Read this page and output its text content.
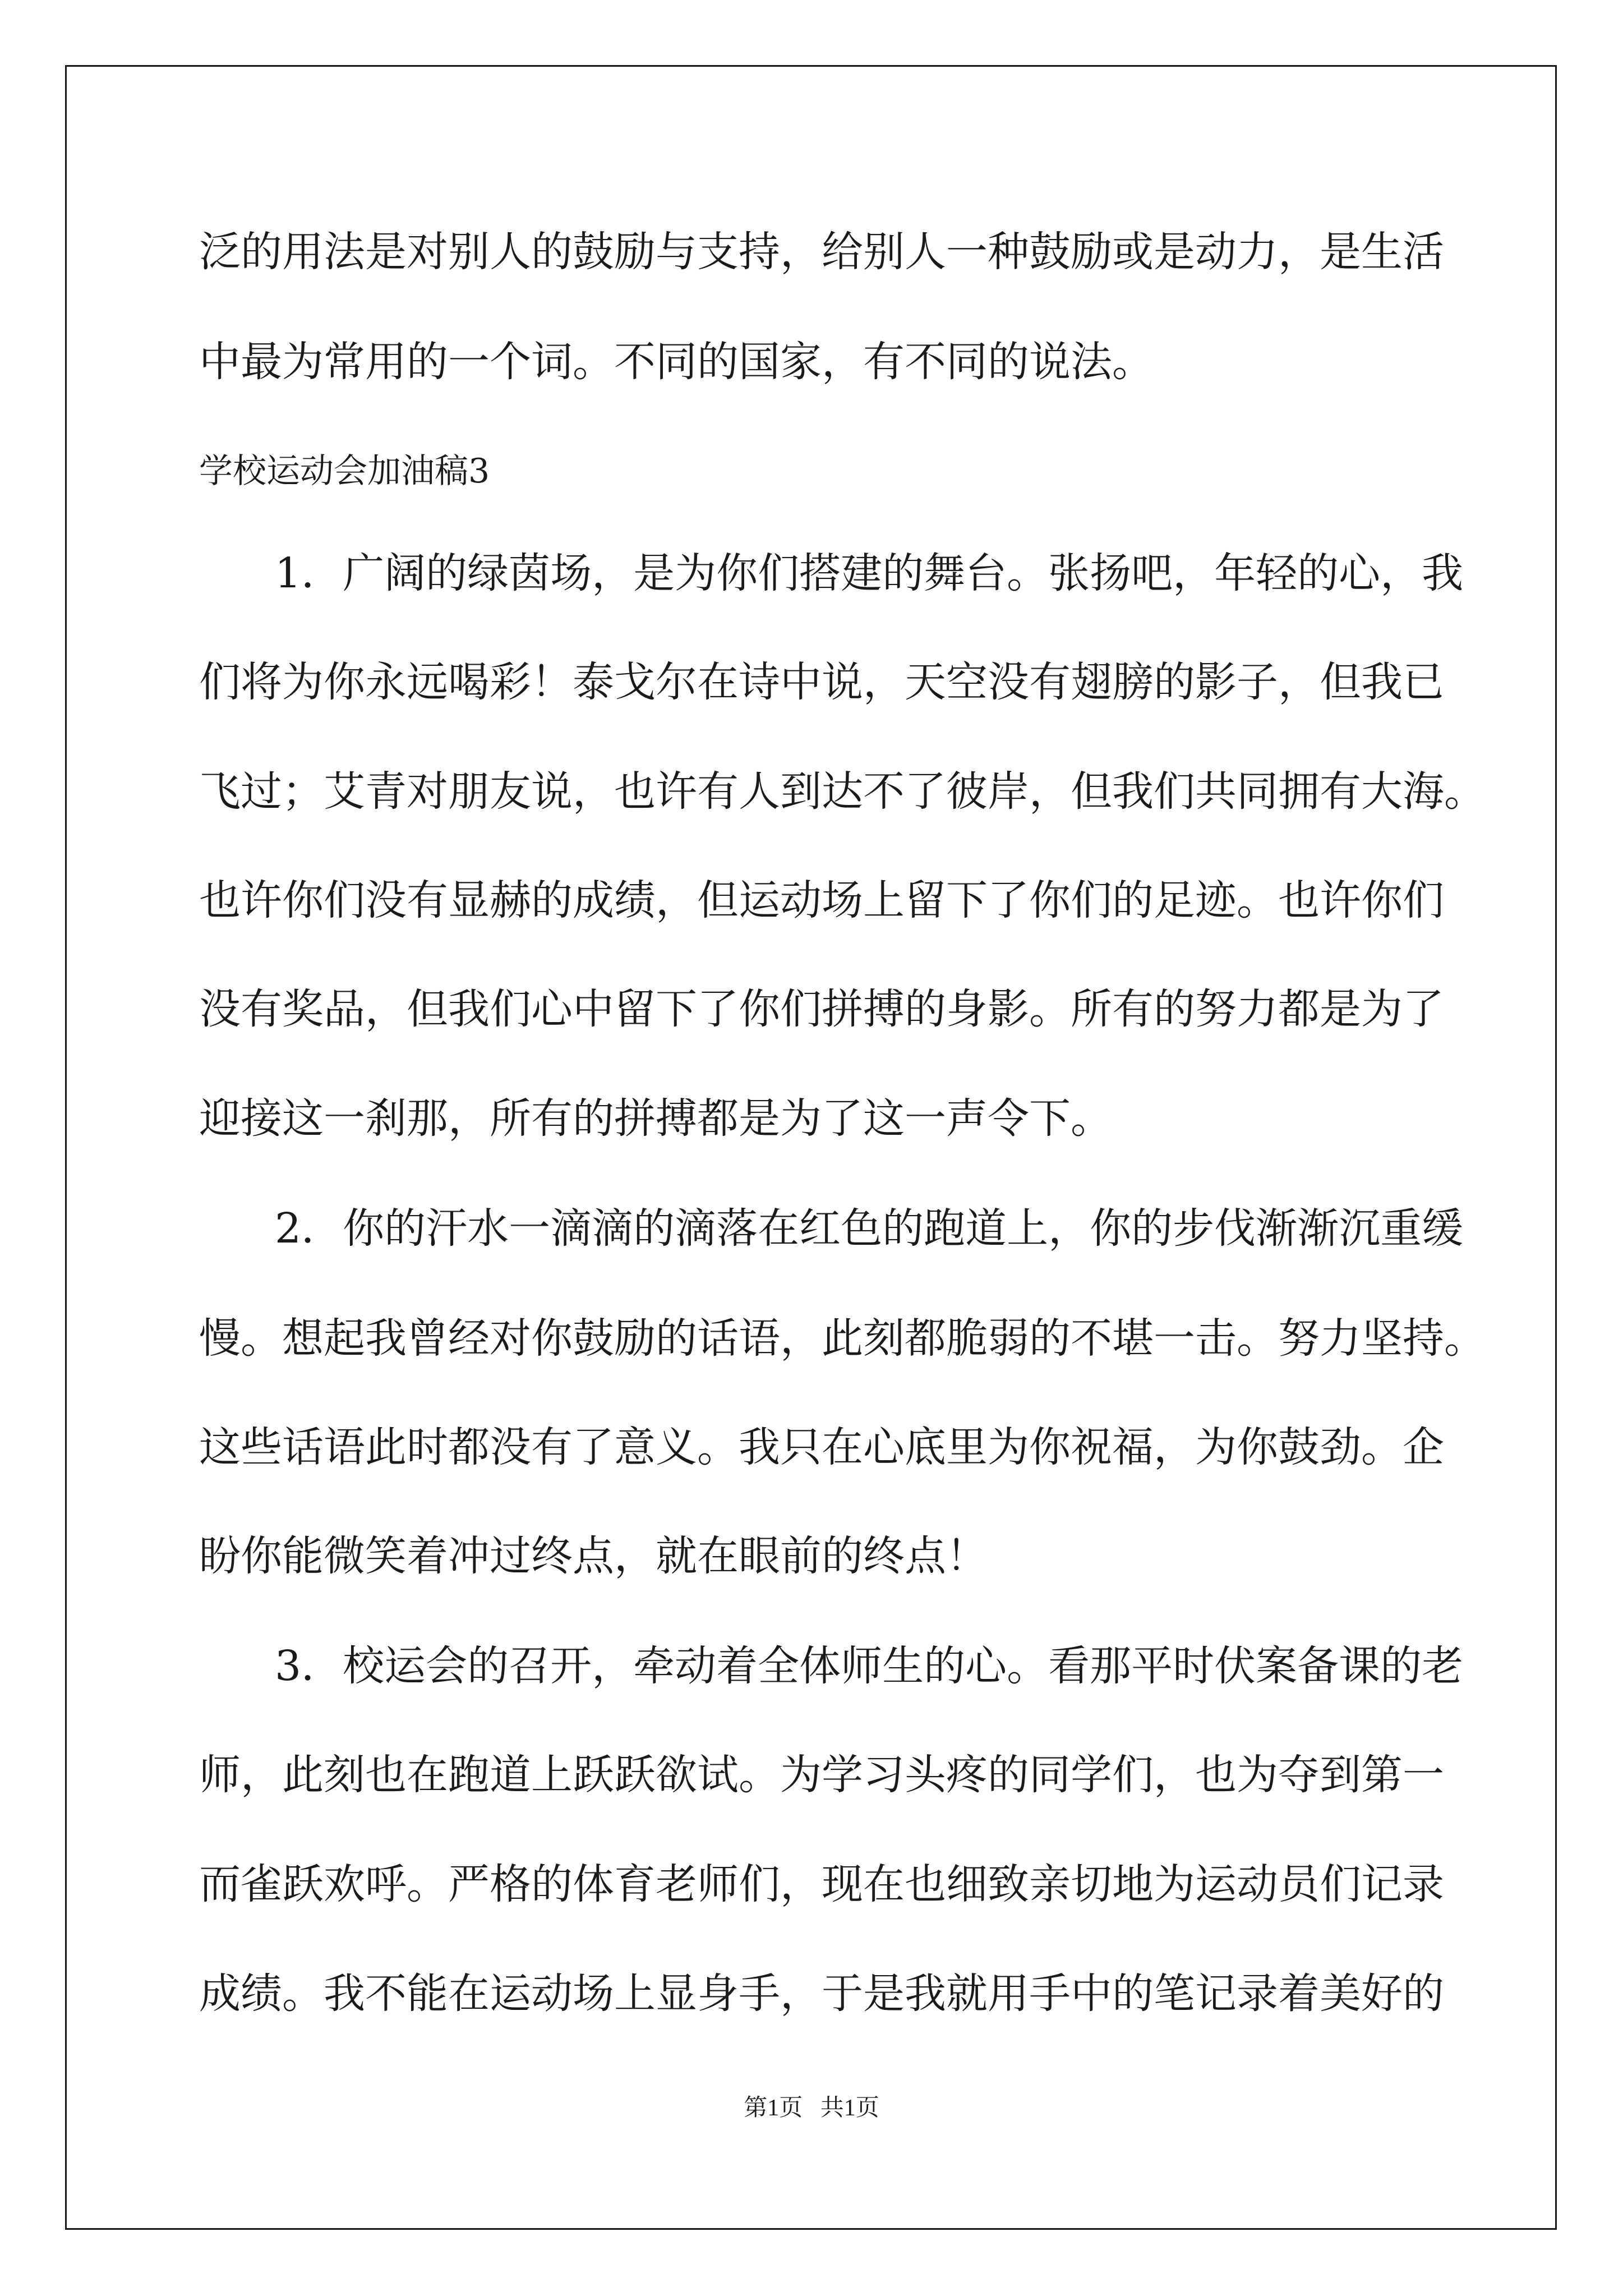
泛的用法是对别人的鼓励与支持，给别人一种鼓励或是动力，是生活

中最为常用的一个词。不同的国家，有不同的说法。

学校运动会加油稿3

1．广阔的绿茵场，是为你们搭建的舞台。张扬吧，年轻的心，我

们将为你永远喝彩！泰戈尔在诗中说，天空没有翅膀的影子，但我已

飞过；艾青对朋友说，也许有人到达不了彼岸，但我们共同拥有大海。

也许你们没有显赫的成绩，但运动场上留下了你们的足迹。也许你们

没有奖品，但我们心中留下了你们拼搏的身影。所有的努力都是为了

迎接这一刹那，所有的拼搏都是为了这一声令下。

2．你的汗水一滴滴的滴落在红色的跑道上，你的步伐渐渐沉重缓

慢。想起我曾经对你鼓励的话语，此刻都脆弱的不堪一击。努力坚持。

这些话语此时都没有了意义。我只在心底里为你祝福，为你鼓劲。企

盼你能微笑着冲过终点，就在眼前的终点！

3．校运会的召开，牵动着全体师生的心。看那平时伏案备课的老

师，此刻也在跑道上跃跃欲试。为学习头疼的同学们，也为夺到第一

而雀跃欢呼。严格的体育老师们，现在也细致亲切地为运动员们记录

成绩。我不能在运动场上显身手，于是我就用手中的笔记录着美好的

第1页   共1页
